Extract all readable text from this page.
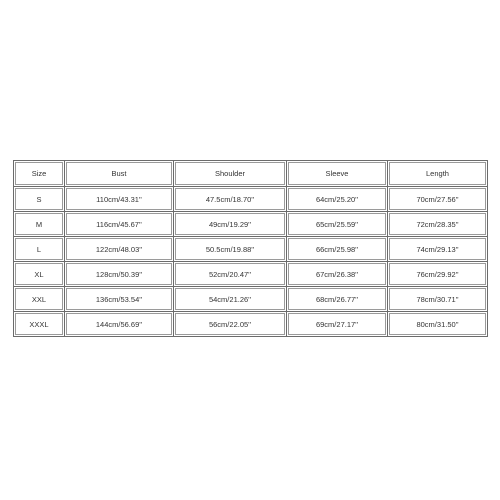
Size	Bust	Shoulder	Sleeve	Length
S	110cm/43.31''	47.5cm/18.70''	64cm/25.20''	70cm/27.56''
M	116cm/45.67''	49cm/19.29''	65cm/25.59''	72cm/28.35''
L	122cm/48.03''	50.5cm/19.88''	66cm/25.98''	74cm/29.13''
XL	128cm/50.39''	52cm/20.47''	67cm/26.38''	76cm/29.92''
XXL	136cm/53.54''	54cm/21.26''	68cm/26.77''	78cm/30.71''
XXXL	144cm/56.69''	56cm/22.05''	69cm/27.17''	80cm/31.50''
